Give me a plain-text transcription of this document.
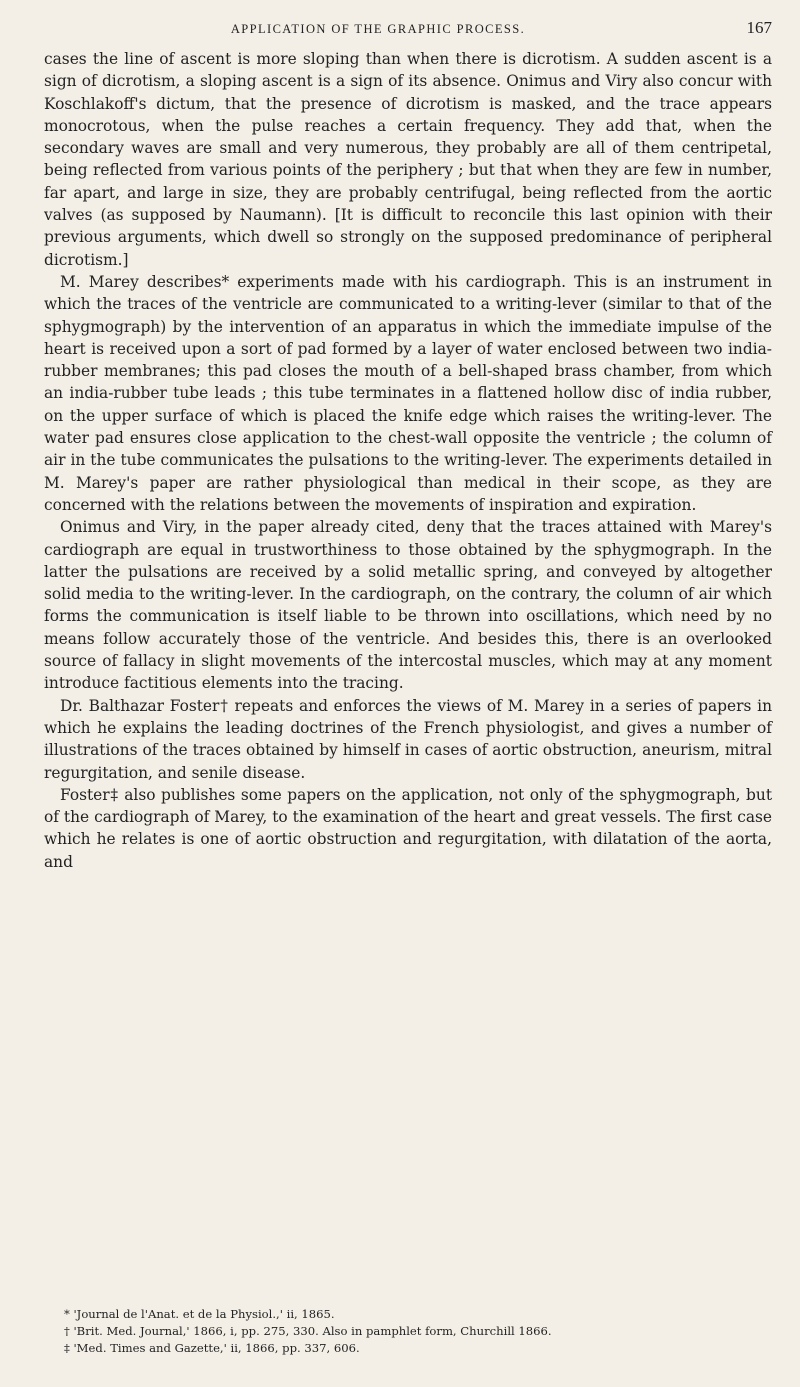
APPLICATION OF THE GRAPHIC PROCESS.	167

cases the line of ascent is more sloping than when there is dicrotism. A sudden ascent is a sign of dicrotism, a sloping ascent is a sign of its absence. Onimus and Viry also concur with Koschlakoff's dictum, that the presence of dicrotism is masked, and the trace appears monocrotous, when the pulse reaches a certain frequency. They add that, when the secondary waves are small and very numerous, they probably are all of them centripetal, being reflected from various points of the periphery ; but that when they are few in number, far apart, and large in size, they are probably centrifugal, being reflected from the aortic valves (as supposed by Naumann). [It is difficult to reconcile this last opinion with their previous arguments, which dwell so strongly on the supposed predominance of peripheral dicrotism.]

M. Marey describes* experiments made with his cardiograph. This is an instrument in which the traces of the ventricle are communicated to a writing-lever (similar to that of the sphygmograph) by the intervention of an apparatus in which the immediate impulse of the heart is received upon a sort of pad formed by a layer of water enclosed between two india-rubber membranes; this pad closes the mouth of a bell-shaped brass chamber, from which an india-rubber tube leads ; this tube terminates in a flattened hollow disc of india rubber, on the upper surface of which is placed the knife edge which raises the writing-lever. The water pad ensures close application to the chest-wall opposite the ventricle ; the column of air in the tube communicates the pulsations to the writing-lever. The experiments detailed in M. Marey's paper are rather physiological than medical in their scope, as they are concerned with the relations between the movements of inspiration and expiration.

Onimus and Viry, in the paper already cited, deny that the traces attained with Marey's cardiograph are equal in trustworthiness to those obtained by the sphygmograph. In the latter the pulsations are received by a solid metallic spring, and conveyed by altogether solid media to the writing-lever. In the cardiograph, on the contrary, the column of air which forms the communication is itself liable to be thrown into oscillations, which need by no means follow accurately those of the ventricle. And besides this, there is an overlooked source of fallacy in slight movements of the intercostal muscles, which may at any moment introduce factitious elements into the tracing.

Dr. Balthazar Foster† repeats and enforces the views of M. Marey in a series of papers in which he explains the leading doctrines of the French physiologist, and gives a number of illustrations of the traces obtained by himself in cases of aortic obstruction, aneurism, mitral regurgitation, and senile disease.

Foster‡ also publishes some papers on the application, not only of the sphygmograph, but of the cardiograph of Marey, to the examination of the heart and great vessels. The first case which he relates is one of aortic obstruction and regurgitation, with dilatation of the aorta, and

* 'Journal de l'Anat. et de la Physiol.,' ii, 1865.

† 'Brit. Med. Journal,' 1866, i, pp. 275, 330. Also in pamphlet form, Churchill 1866.

‡ 'Med. Times and Gazette,' ii, 1866, pp. 337, 606.
